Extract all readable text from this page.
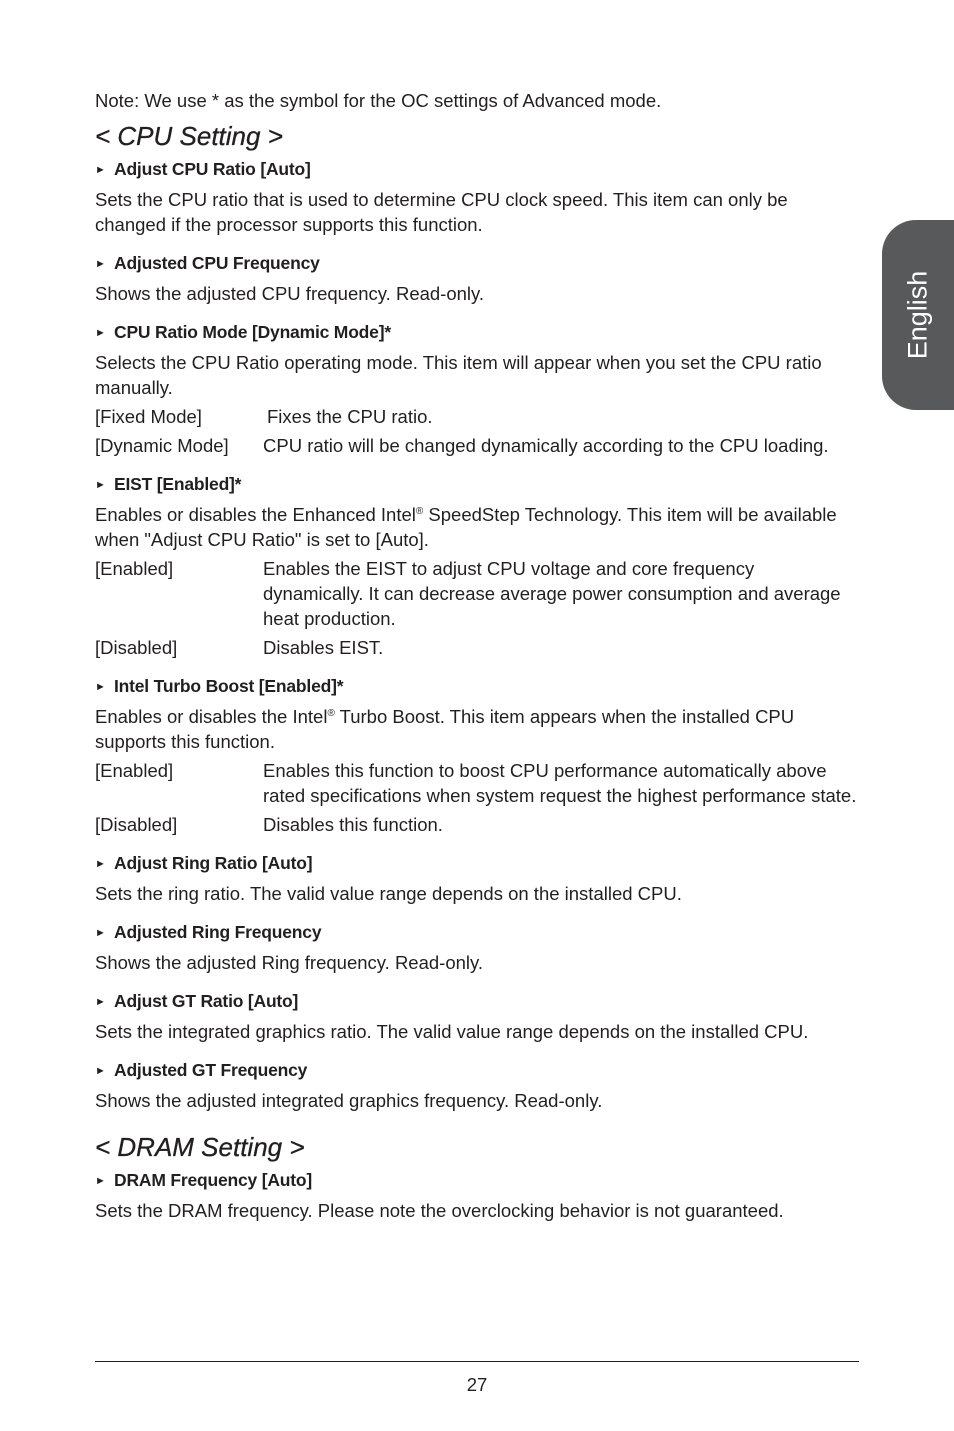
Note: We use * as the symbol for the OC settings of Advanced mode.

< CPU Setting >
► Adjust CPU Ratio [Auto]

Sets the CPU ratio that is used to determine CPU clock speed. This item can only be changed if the processor supports this function.

► Adjusted CPU Frequency

Shows the adjusted CPU frequency. Read-only.

► CPU Ratio Mode [Dynamic Mode]*

Selects the CPU Ratio operating mode. This item will appear when you set the CPU ratio manually.

[Fixed Mode]	Fixes the CPU ratio.
[Dynamic Mode]	CPU ratio will be changed dynamically according to the CPU loading.
► EIST [Enabled]*

Enables or disables the Enhanced Intel® SpeedStep Technology. This item will be available when "Adjust CPU Ratio" is set to [Auto].

[Enabled]	Enables the EIST to adjust CPU voltage and core frequency dynamically. It can decrease average power consumption and average heat production.
[Disabled]	Disables EIST.
► Intel Turbo Boost [Enabled]*

Enables or disables the Intel® Turbo Boost. This item appears when the installed CPU supports this function.

[Enabled]	Enables this function to boost CPU performance automatically above rated specifications when system request the highest performance state.
[Disabled]	Disables this function.
► Adjust Ring Ratio [Auto]

Sets the ring ratio. The valid value range depends on the installed CPU.

► Adjusted Ring Frequency

Shows the adjusted Ring frequency. Read-only.

► Adjust GT Ratio [Auto]

Sets the integrated graphics ratio. The valid value range depends on the installed CPU.

► Adjusted GT Frequency

Shows the adjusted integrated graphics frequency. Read-only.

< DRAM Setting >
► DRAM Frequency [Auto]

Sets the DRAM frequency. Please note the overclocking behavior is not guaranteed.

English
27
